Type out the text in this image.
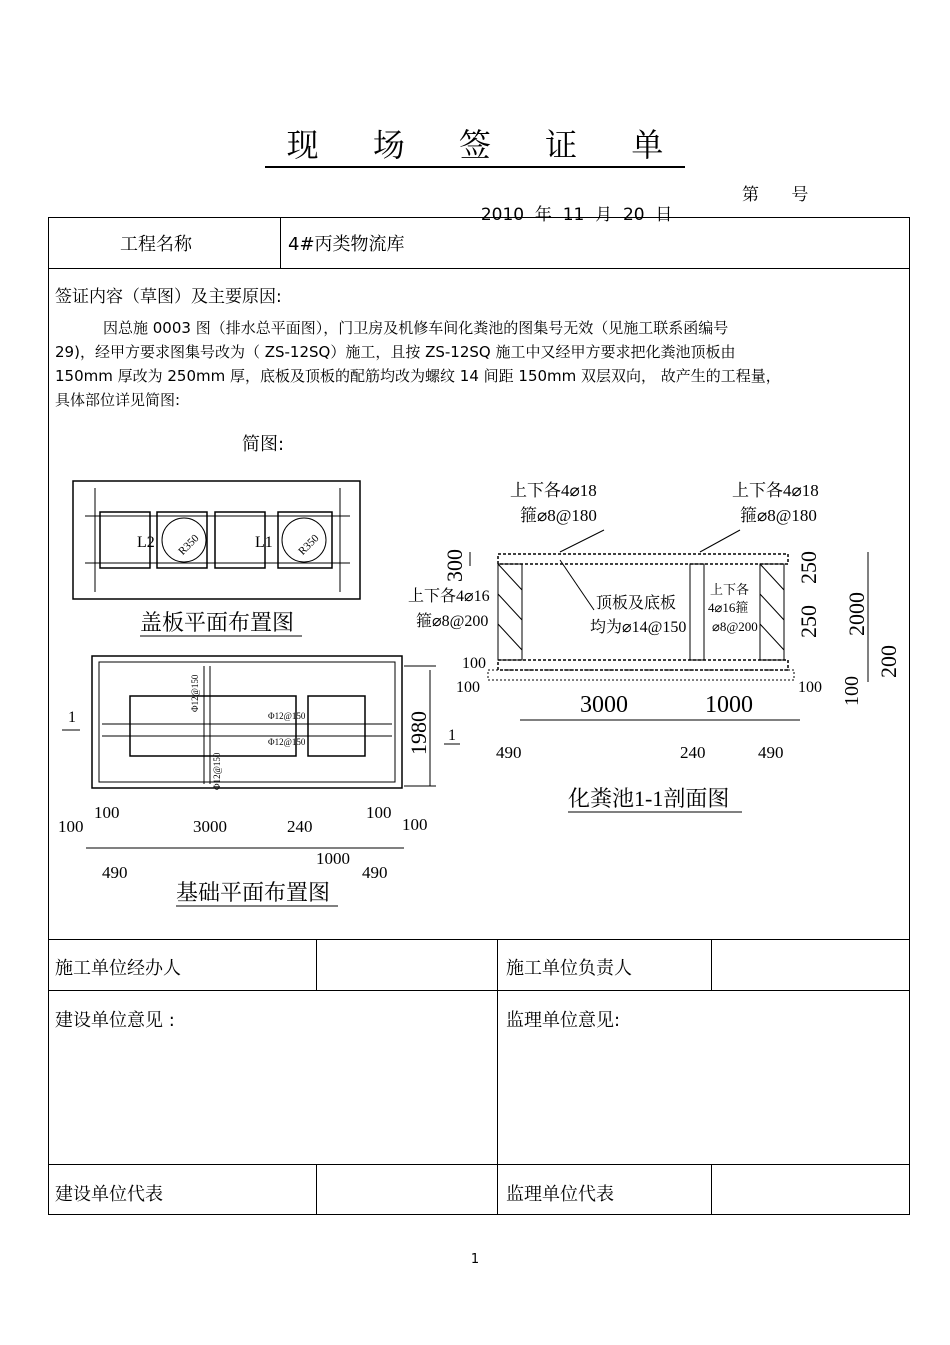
现 场 签 证 单

2010  年  11  月  20  日

第      号

工程名称	4#丙类物流库
签证内容（草图）及主要原因:

因总施 0003 图（排水总平面图），门卫房及机修车间化粪池的图集号无效（见施工联系函编号

29)，经甲方要求图集号改为（ ZS-12SQ）施工，且按 ZS-12SQ 施工中又经甲方要求把化粪池顶板由

150mm 厚改为 250mm 厚，底板及顶板的配筋均改为螺纹 14 间距 150mm 双层双向， 故产生的工程量，

具体部位详见简图:

简图:
L2	L1
R350	R350
盖板平面布置图
1
1
Φ12@150
Φ12@150
Φ12@150
Φ12@150
1980
100
100
3000	240
100
100
490
1000
490
基础平面布置图
上下各4⌀18
箍⌀8@180
上下各4⌀18
箍⌀8@180
上下各4⌀16
箍⌀8@200
顶板及底板
均为⌀14@150
上下各
4⌀16箍
⌀8@200
300
100
100
3000	1000
100
490	240	490
250
250 2000
200
100
化粪池1-1剖面图
施工单位经办人	施工单位负责人
建设单位意见 :	监理单位意见:
建设单位代表	监理单位代表
1
